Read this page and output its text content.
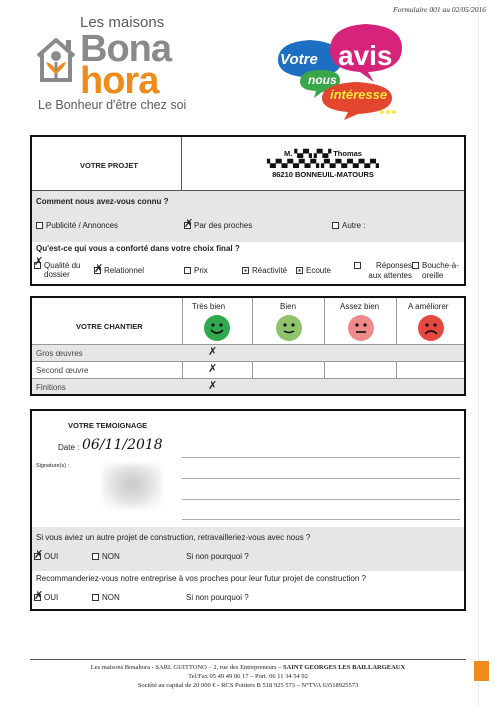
Formulaire 001 au 02/05/2016
Les maisons
Bona
hora
Le Bonheur d'être chez soi
Votre avis
nous
intéresse
VOTRE PROJET
M. ▚▞▚ ▞▚▞ Thomas
▚▞▚▞▚▞▚▞▚ ▞▚▞▚▞▚▞▚▞▚
86210 BONNEUIL-MATOURS
Comment nous avez-vous connu ?
Publicité / Annonces ✗	Par des proches	Autre :
Qu'est-ce qui vous a conforté dans votre choix final ?
✗Qualité du dossier ✗	Relationnel	Prix	Réactivité	Ecoute
Réponses aux attentes
Bouche-à-oreille
Très bien	Bien	Assez bien	A améliorer
VOTRE CHANTIER
Gros œuvres	✗
Second œuvre	✗
Finitions	✗
VOTRE TEMOIGNAGE
Date : 06/11/2018
Signature(s) :
Si vous aviez un autre projet de construction, retravailleriez-vous avec nous ?
✗OUI	NON	Si non pourquoi ?
Recommanderiez-vous notre entreprise à vos proches pour leur futur projet de construction ?
✗OUI	NON	Si non pourquoi ?
Les maisons Bonahora - SARL GUITTONO – 2, rue des Entrepreneurs – SAINT GEORGES LES BAILLARGEAUX
Tel/Fax 05 49 49 06 17 – Port. 06 11 34 54 92
Société au capital de 20 000 € - RCS Poitiers B 518 925 573 – N°TVA 63518925573
